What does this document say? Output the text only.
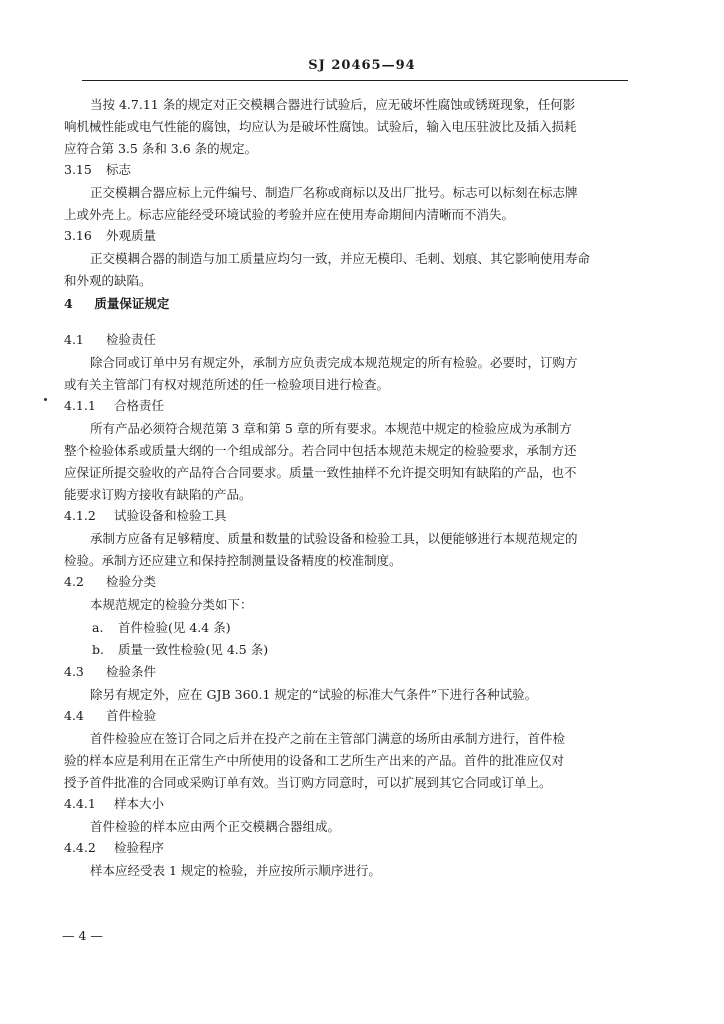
SJ 20465—94
当按 4.7.11 条的规定对正交模耦合器进行试验后，应无破坏性腐蚀或锈斑现象，任何影
响机械性能或电气性能的腐蚀，均应认为是破坏性腐蚀。试验后，输入电压驻波比及插入损耗
应符合第 3.5 条和 3.6 条的规定。
3.15 标志
正交模耦合器应标上元件编号、制造厂名称或商标以及出厂批号。标志可以标刻在标志牌
上或外壳上。标志应能经受环境试验的考验并应在使用寿命期间内清晰而不消失。
3.16 外观质量
正交模耦合器的制造与加工质量应均匀一致，并应无模印、毛刺、划痕、其它影响使用寿命
和外观的缺陷。
4 质量保证规定
4.1 检验责任
除合同或订单中另有规定外，承制方应负责完成本规范规定的所有检验。必要时，订购方
或有关主管部门有权对规范所述的任一检验项目进行检查。
4.1.1 合格责任
所有产品必须符合规范第 3 章和第 5 章的所有要求。本规范中规定的检验应成为承制方
整个检验体系或质量大纲的一个组成部分。若合同中包括本规范未规定的检验要求，承制方还
应保证所提交验收的产品符合合同要求。质量一致性抽样不允许提交明知有缺陷的产品，也不
能要求订购方接收有缺陷的产品。
4.1.2 试验设备和检验工具
承制方应备有足够精度、质量和数量的试验设备和检验工具，以便能够进行本规范规定的
检验。承制方还应建立和保持控制测量设备精度的校准制度。
4.2 检验分类
本规范规定的检验分类如下：
a. 首件检验(见 4.4 条)
b. 质量一致性检验(见 4.5 条)
4.3 检验条件
除另有规定外，应在 GJB 360.1 规定的“试验的标准大气条件”下进行各种试验。
4.4 首件检验
首件检验应在签订合同之后并在投产之前在主管部门满意的场所由承制方进行，首件检
验的样本应是利用在正常生产中所使用的设备和工艺所生产出来的产品。首件的批准应仅对
授予首件批准的合同或采购订单有效。当订购方同意时，可以扩展到其它合同或订单上。
4.4.1 样本大小
首件检验的样本应由两个正交模耦合器组成。
4.4.2 检验程序
样本应经受表 1 规定的检验，并应按所示顺序进行。
— 4 —
